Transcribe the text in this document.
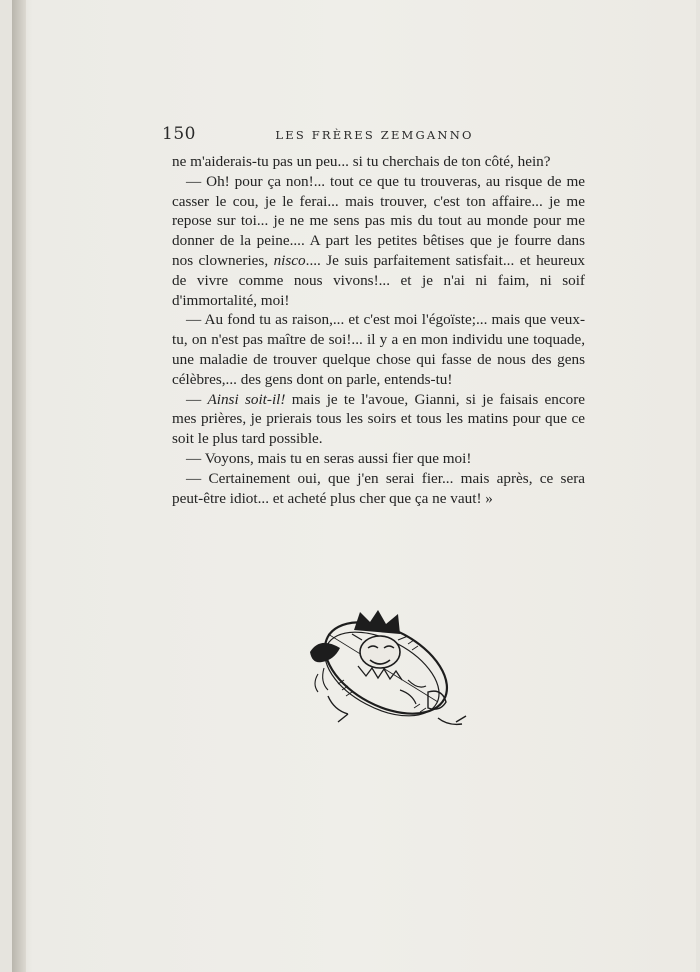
150	LES FRÈRES ZEMGANNO

ne m'aiderais-tu pas un peu... si tu cherchais de ton côté, hein?

— Oh! pour ça non!... tout ce que tu trouveras, au risque de me casser le cou, je le ferai... mais trouver, c'est ton affaire... je me repose sur toi... je ne me sens pas mis du tout au monde pour me donner de la peine.... A part les petites bêtises que je fourre dans nos clowneries, nisco.... Je suis parfaitement satisfait... et heureux de vivre comme nous vivons!... et je n'ai ni faim, ni soif d'immortalité, moi!

— Au fond tu as raison,... et c'est moi l'égoïste;... mais que veux-tu, on n'est pas maître de soi!... il y a en mon individu une toquade, une maladie de trouver quelque chose qui fasse de nous des gens célèbres,... des gens dont on parle, entends-tu!

— Ainsi soit-il! mais je te l'avoue, Gianni, si je faisais encore mes prières, je prierais tous les soirs et tous les matins pour que ce soit le plus tard possible.

— Voyons, mais tu en seras aussi fier que moi!

— Certainement oui, que j'en serai fier... mais après, ce sera peut-être idiot... et acheté plus cher que ça ne vaut! »
